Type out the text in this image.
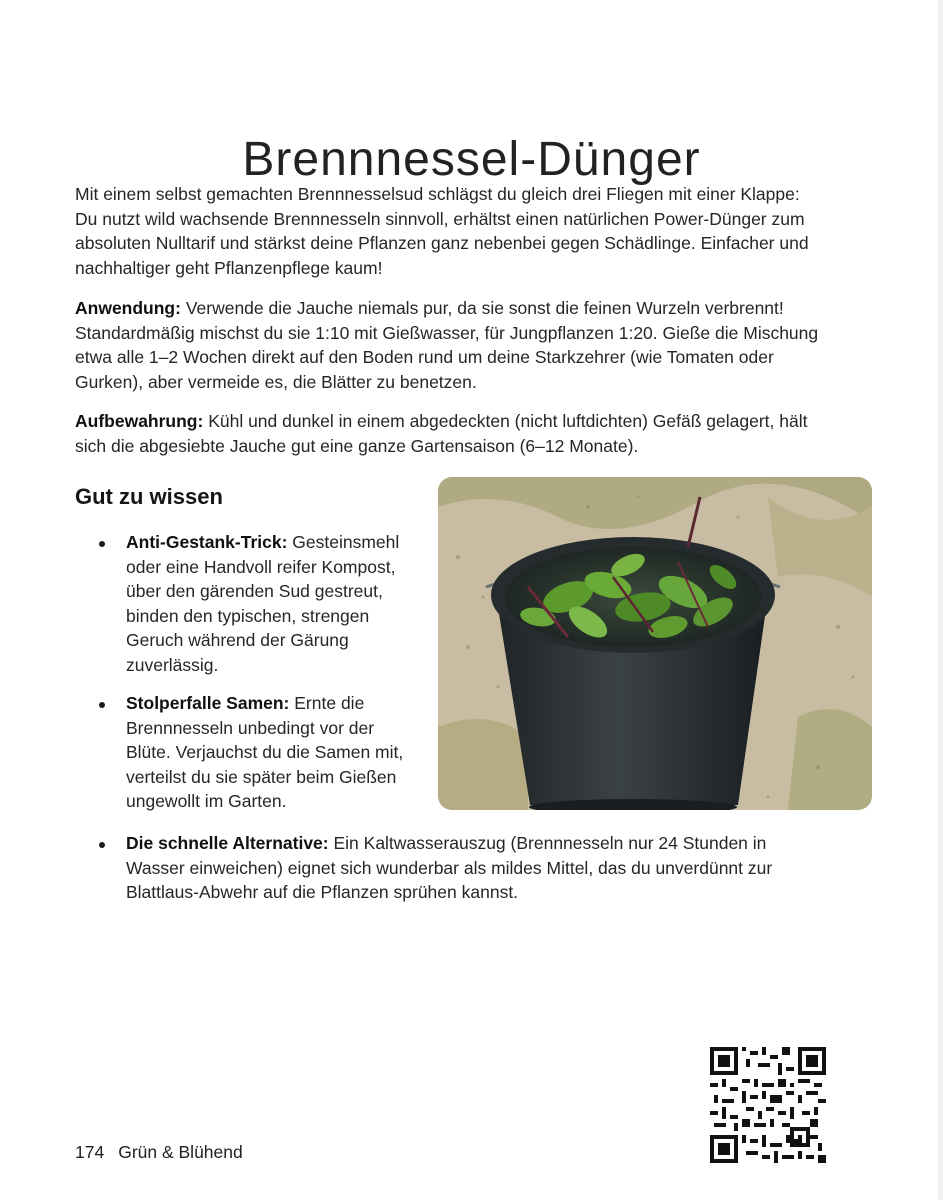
Brennnessel-Dünger

Mit einem selbst gemachten Brennnesselsud schlägst du gleich drei Fliegen mit einer Klappe: Du nutzt wild wachsende Brennnesseln sinnvoll, erhältst einen natürlichen Power-Dünger zum absoluten Nulltarif und stärkst deine Pflanzen ganz nebenbei gegen Schädlinge. Einfacher und nachhaltiger geht Pflanzenpflege kaum!

Anwendung: Verwende die Jauche niemals pur, da sie sonst die feinen Wurzeln verbrennt! Standardmäßig mischst du sie 1:10 mit Gießwasser, für Jungpflanzen 1:20. Gieße die Mischung etwa alle 1–2 Wochen direkt auf den Boden rund um deine Starkzehrer (wie Tomaten oder Gurken), aber vermeide es, die Blätter zu benetzen.

Aufbewahrung: Kühl und dunkel in einem abgedeckten (nicht luftdichten) Gefäß gelagert, hält sich die abgesiebte Jauche gut eine ganze Gartensaison (6–12 Monate).

Gut zu wissen

Anti-Gestank-Trick: Gesteinsmehl oder eine Handvoll reifer Kompost, über den gärenden Sud gestreut, binden den typischen, strengen Geruch während der Gärung zuverlässig.

Stolperfalle Samen: Ernte die Brennnesseln unbedingt vor der Blüte. Verjauchst du die Samen mit, verteilst du sie später beim Gießen ungewollt im Garten.

Die schnelle Alternative: Ein Kaltwasserauszug (Brennnesseln nur 24 Stunden in Wasser einweichen) eignet sich wunderbar als mildes Mittel, das du unverdünnt zur Blattlaus-Abwehr auf die Pflanzen sprühen kannst.

174 Grün & Blühend
